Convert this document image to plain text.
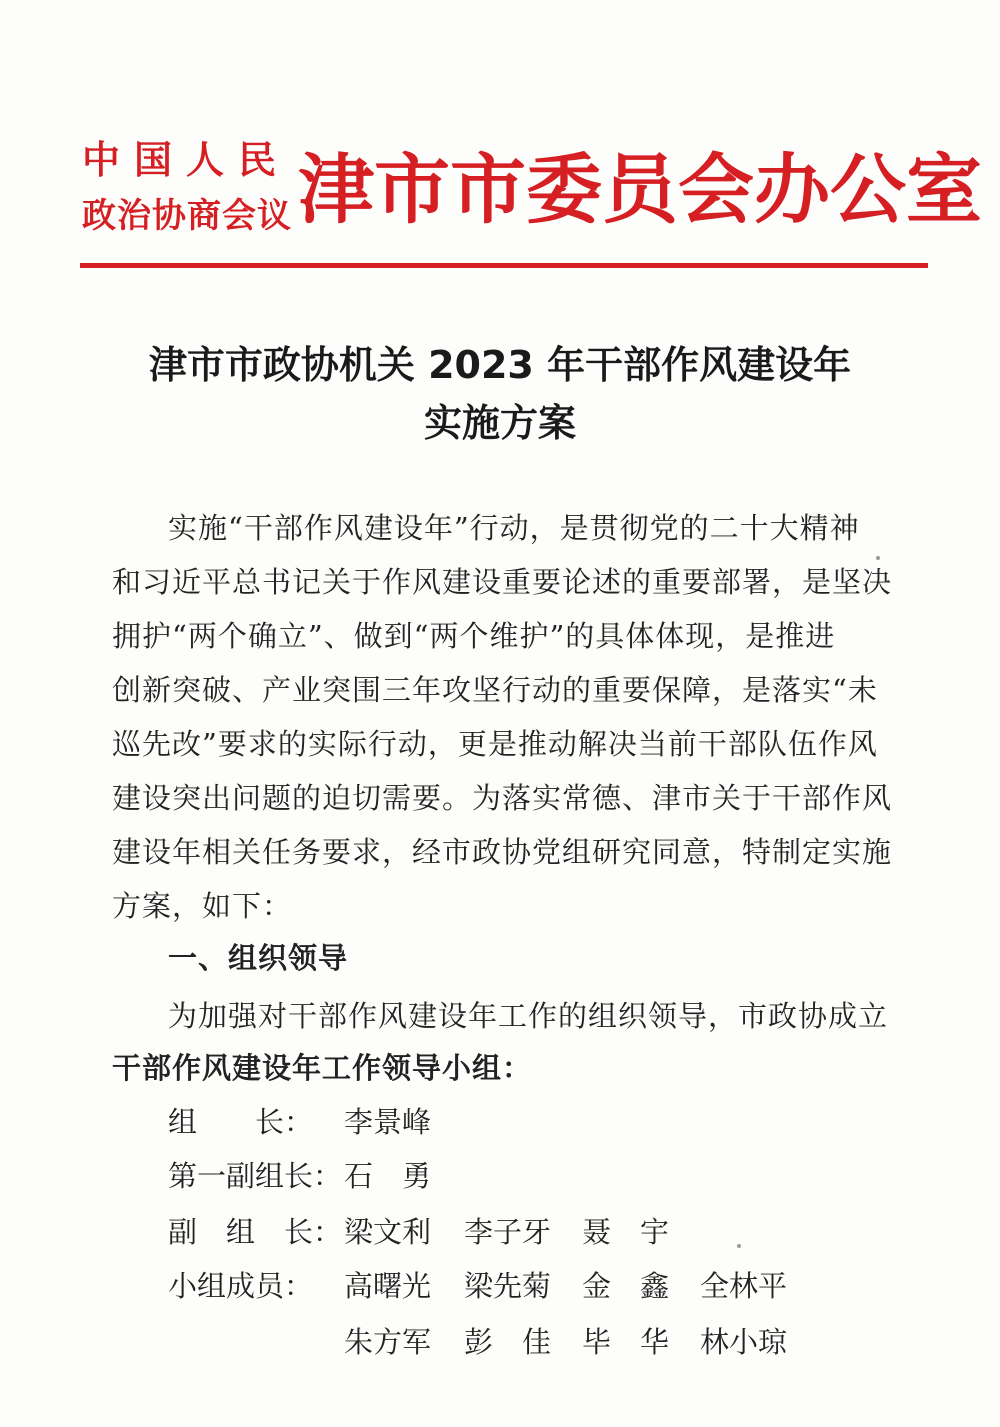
中国人民
政治协商会议 津市市委员会办公室
津市市政协机关 2023 年干部作风建设年
实施方案
实施“干部作风建设年”行动，是贯彻党的二十大精神
和习近平总书记关于作风建设重要论述的重要部署，是坚决
拥护“两个确立”、做到“两个维护”的具体体现，是推进
创新突破、产业突围三年攻坚行动的重要保障，是落实“未
巡先改”要求的实际行动，更是推动解决当前干部队伍作风
建设突出问题的迫切需要。为落实常德、津市关于干部作风
建设年相关任务要求，经市政协党组研究同意，特制定实施
方案，如下：
一、组织领导
为加强对干部作风建设年工作的组织领导，市政协成立
干部作风建设年工作领导小组：
组　　长： 李景峰
第一副组长： 石　勇
副　组　长： 梁文利 李子牙 聂　宇
小组成员： 高曙光 梁先菊 金　鑫 全林平
朱方军 彭　佳 毕　华 林小琼
